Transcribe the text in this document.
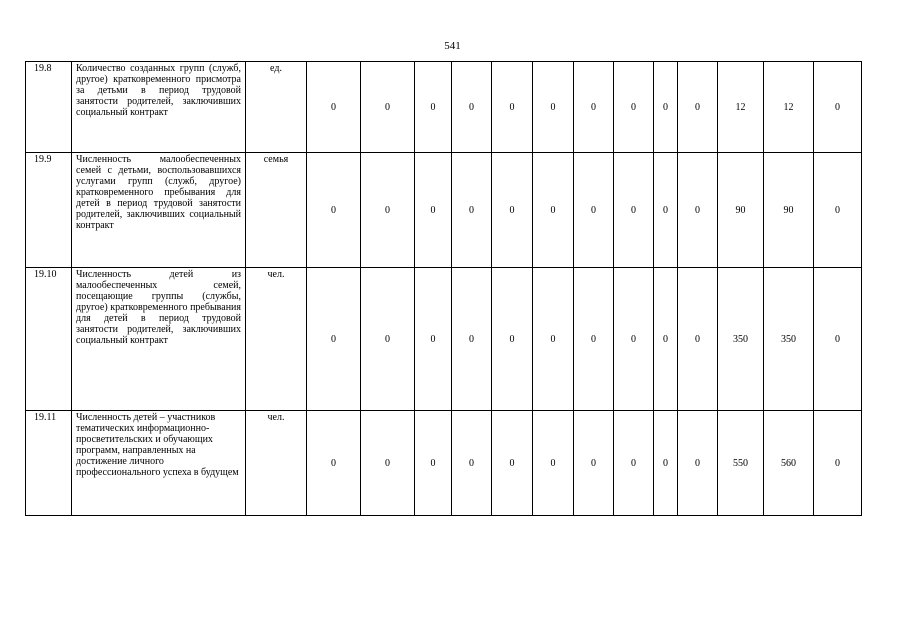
541
19.8	Количество созданных групп (служб, другое) кратковременного присмотра за детьми в период трудовой занятости родителей, заключивших социальный контракт	ед.	0	0	0	0	0	0	0	0	0	0	12	12	0
19.9	Численность малообеспеченных семей с детьми, воспользовавшихся услугами групп (служб, другое) кратковременного пребывания для детей в период трудовой занятости родителей, заключивших социальный контракт	семья	0	0	0	0	0	0	0	0	0	0	90	90	0
19.10	Численность детей из малообеспеченных семей, посещающие группы (службы, другое) кратковременного пребывания для детей в период трудовой занятости родителей, заключивших социальный контракт	чел.	0	0	0	0	0	0	0	0	0	0	350	350	0
19.11	Численность детей – участников тематических информационно-просветительских и обучающих программ, направленных на достижение личного профессионального успеха в будущем	чел.	0	0	0	0	0	0	0	0	0	0	550	560	0
